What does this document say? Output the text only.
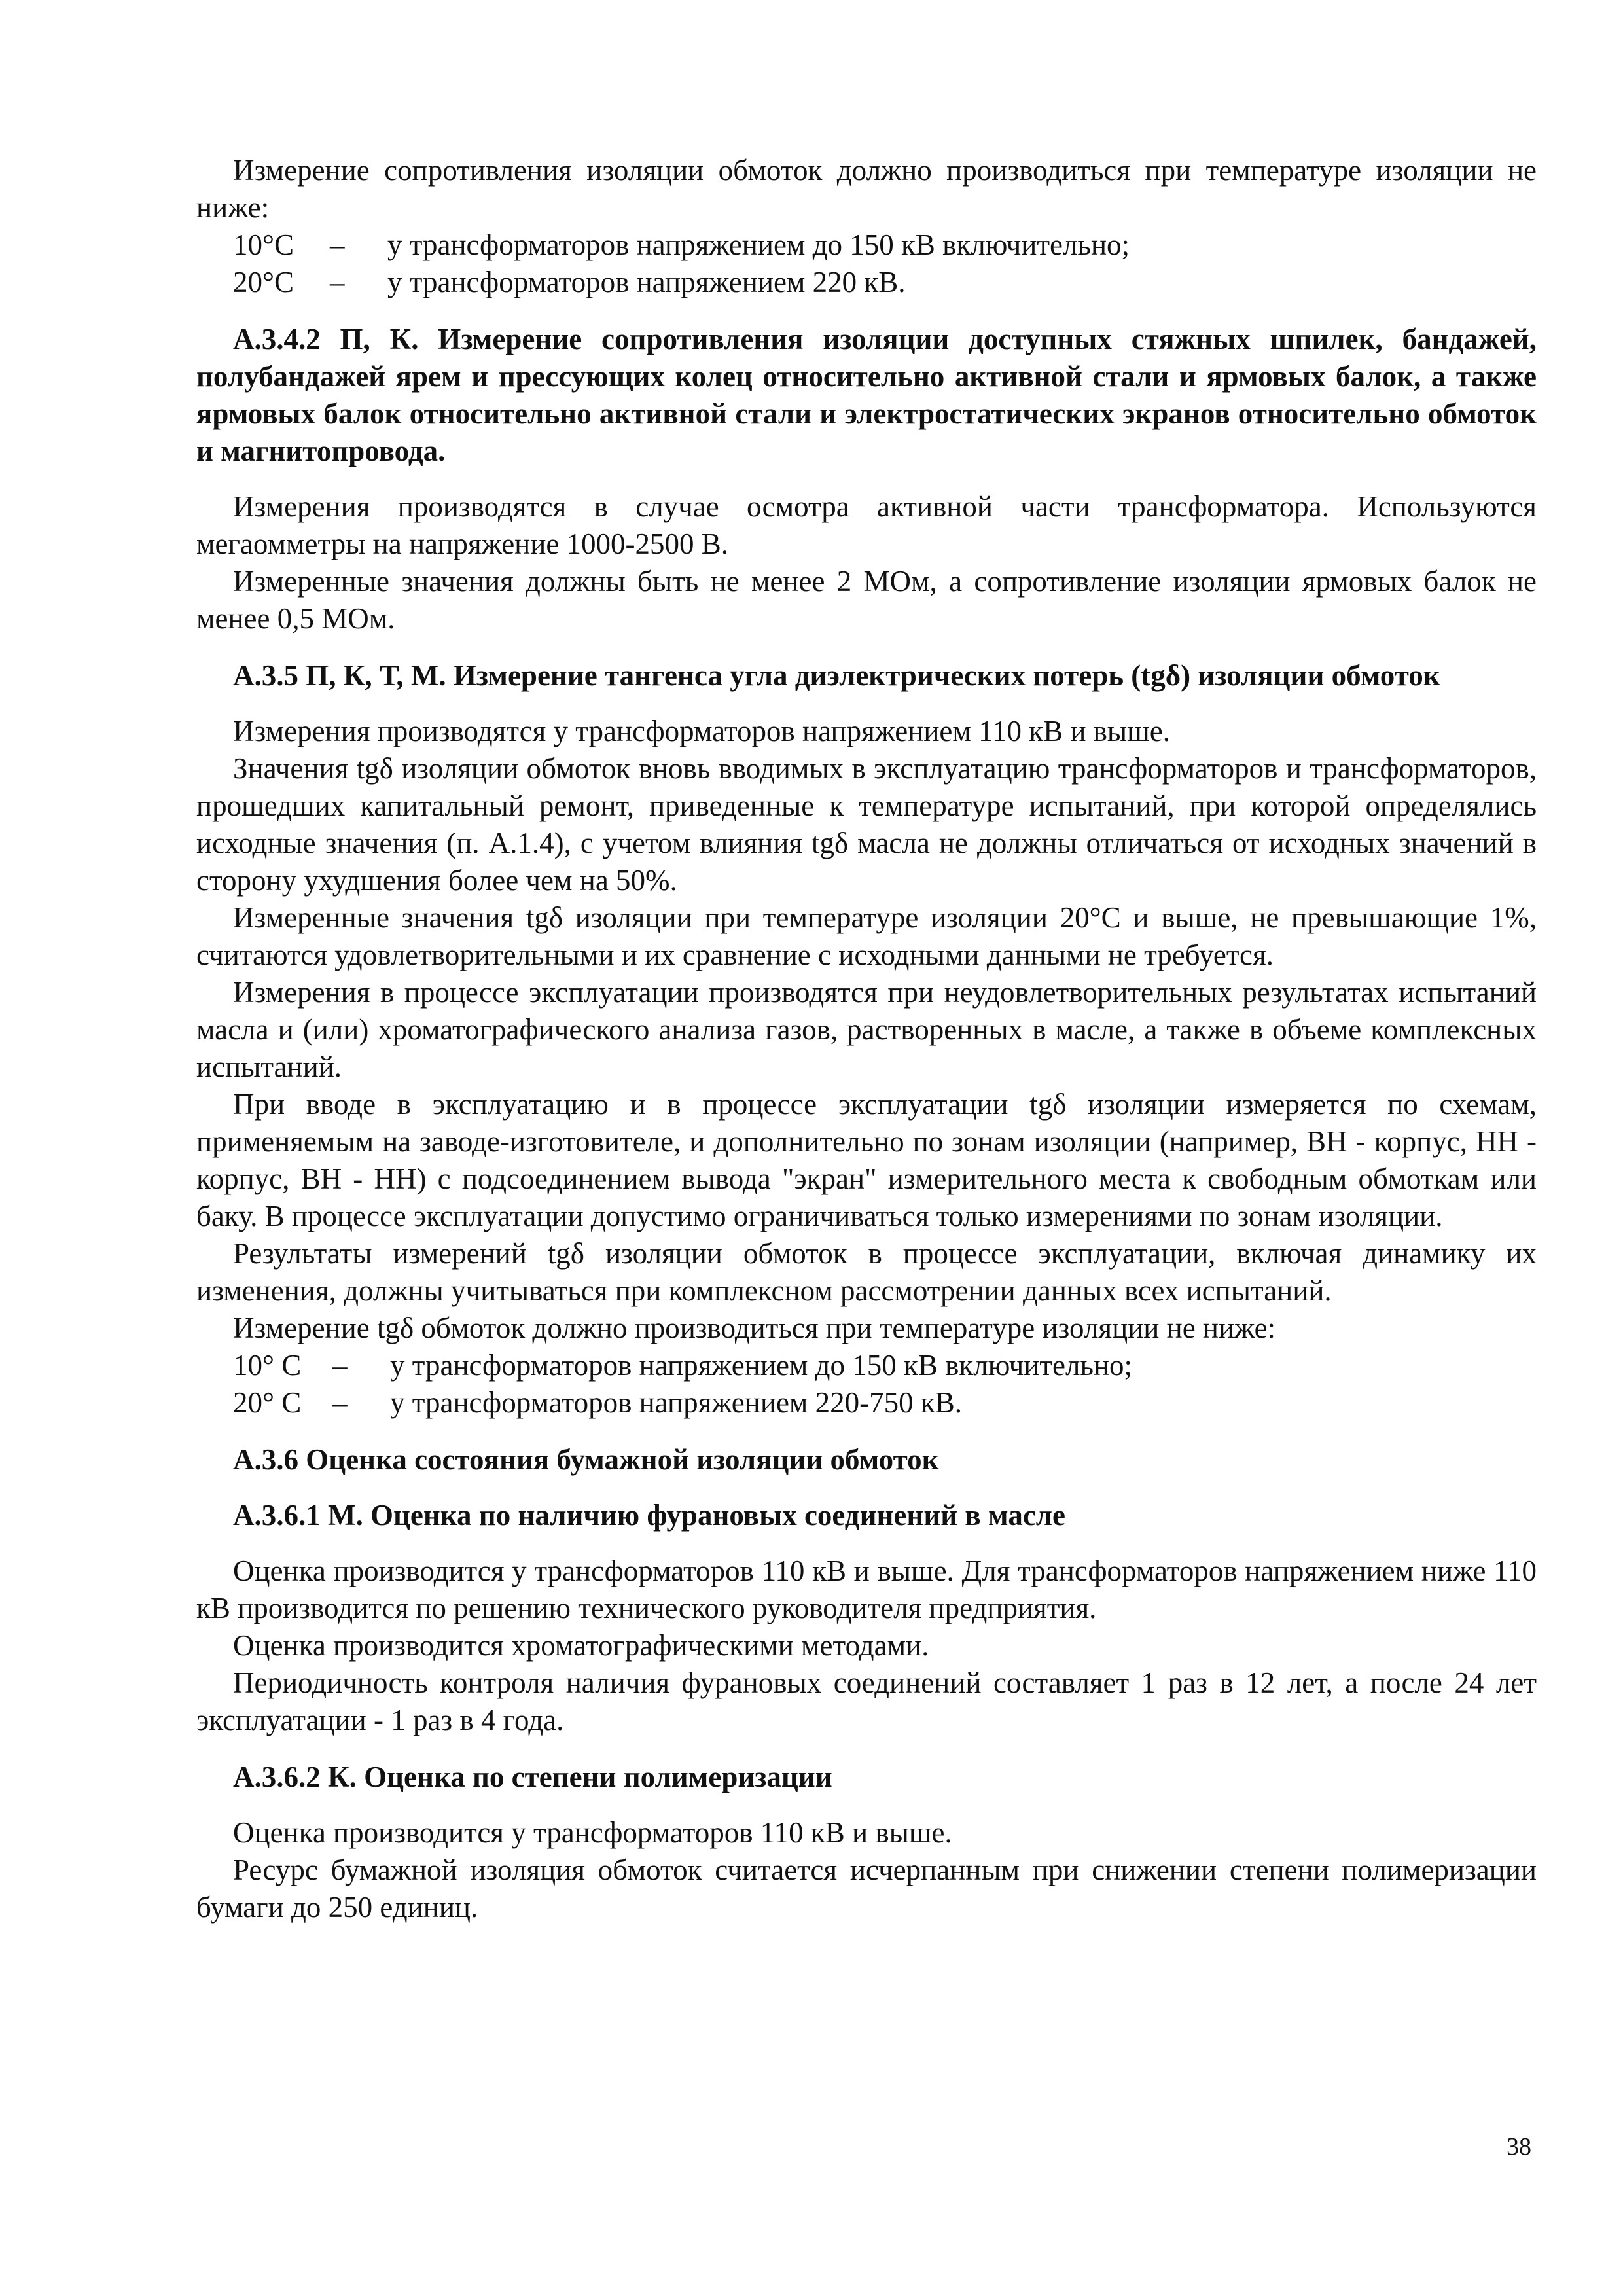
Измерение сопротивления изоляции обмоток должно производиться при температуре изоляции не ниже:

10°С	–	у трансформаторов напряжением до 150 кВ включительно;
20°С	–	у трансформаторов напряжением 220 кВ.

А.3.4.2 П, К. Измерение сопротивления изоляции доступных стяжных шпилек, бандажей, полубандажей ярем и прессующих колец относительно активной стали и ярмовых балок, а также ярмовых балок относительно активной стали и электростатических экранов относительно обмоток и магнитопровода.

Измерения производятся в случае осмотра активной части трансформатора. Используются мегаомметры на напряжение 1000-2500 В.

Измеренные значения должны быть не менее 2 МОм, а сопротивление изоляции ярмовых балок не менее 0,5 МОм.

А.3.5 П, К, Т, М. Измерение тангенса угла диэлектрических потерь (tgδ) изоляции обмоток

Измерения производятся у трансформаторов напряжением 110 кВ и выше.

Значения tgδ изоляции обмоток вновь вводимых в эксплуатацию трансформаторов и трансформаторов, прошедших капитальный ремонт, приведенные к температуре испытаний, при которой определялись исходные значения (п. А.1.4), с учетом влияния tgδ масла не должны отличаться от исходных значений в сторону ухудшения более чем на 50%.

Измеренные значения tgδ изоляции при температуре изоляции 20°С и выше, не превышающие 1%, считаются удовлетворительными и их сравнение с исходными данными не требуется.

Измерения в процессе эксплуатации производятся при неудовлетворительных результатах испытаний масла и (или) хроматографического анализа газов, растворенных в масле, а также в объеме комплексных испытаний.

При вводе в эксплуатацию и в процессе эксплуатации tgδ изоляции измеряется по схемам, применяемым на заводе-изготовителе, и дополнительно по зонам изоляции (например, ВН - корпус, НН - корпус, ВН - НН) с подсоединением вывода "экран" измерительного места к свободным обмоткам или баку. В процессе эксплуатации допустимо ограничиваться только измерениями по зонам изоляции.

Результаты измерений tgδ изоляции обмоток в процессе эксплуатации, включая динамику их изменения, должны учитываться при комплексном рассмотрении данных всех испытаний.

Измерение tgδ обмоток должно производиться при температуре изоляции не ниже:

10° С	–	у трансформаторов напряжением до 150 кВ включительно;
20° С	–	у трансформаторов напряжением 220-750 кВ.

А.3.6 Оценка состояния бумажной изоляции обмоток

А.3.6.1 М. Оценка по наличию фурановых соединений в масле

Оценка производится у трансформаторов 110 кВ и выше. Для трансформаторов напряжением ниже 110 кВ производится по решению технического руководителя предприятия.

Оценка производится хроматографическими методами.

Периодичность контроля наличия фурановых соединений составляет 1 раз в 12 лет, а после 24 лет эксплуатации - 1 раз в 4 года.

А.3.6.2 К. Оценка по степени полимеризации

Оценка производится у трансформаторов 110 кВ и выше.

Ресурс бумажной изоляция обмоток считается исчерпанным при снижении степени полимеризации бумаги до 250 единиц.

38
